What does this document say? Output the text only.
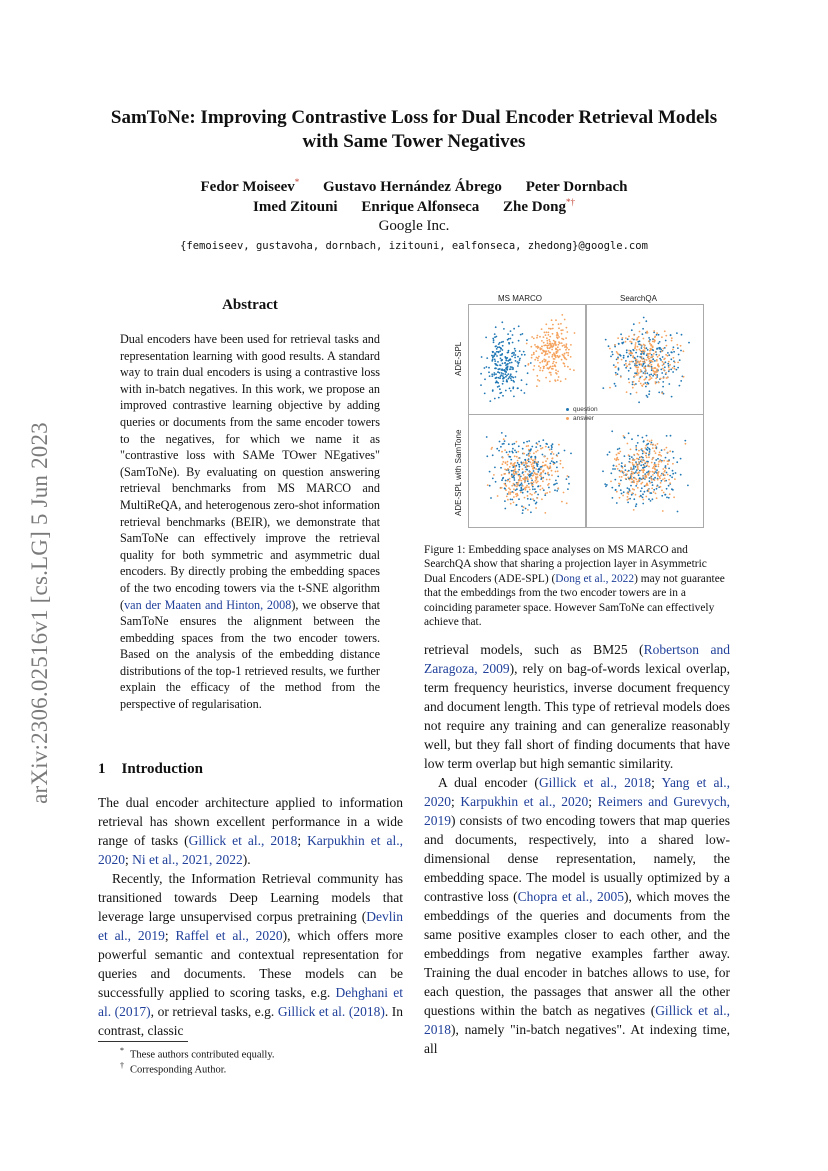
arXiv:2306.02516v1 [cs.LG] 5 Jun 2023
SamToNe: Improving Contrastive Loss for Dual Encoder Retrieval Models
with Same Tower Negatives
Fedor Moiseev* Gustavo Hernández Ábrego Peter Dornbach
Imed Zitouni Enrique Alfonseca Zhe Dong*†
Google Inc.
{femoiseev, gustavoha, dornbach, izitouni, ealfonseca, zhedong}@google.com
Abstract

Dual encoders have been used for retrieval tasks and representation learning with good results. A standard way to train dual encoders is using a contrastive loss with in-batch negatives. In this work, we propose an improved contrastive learning objective by adding queries or documents from the same encoder towers to the negatives, for which we name it as "contrastive loss with SAMe TOwer NEgatives" (SamToNe). By evaluating on question answering retrieval benchmarks from MS MARCO and MultiReQA, and heterogenous zero-shot information retrieval benchmarks (BEIR), we demonstrate that SamToNe can effectively improve the retrieval quality for both symmetric and asymmetric dual encoders. By directly probing the embedding spaces of the two encoding towers via the t-SNE algorithm (van der Maaten and Hinton, 2008), we observe that SamToNe ensures the alignment between the embedding spaces from the two encoder towers. Based on the analysis of the embedding distance distributions of the top-1 retrieved results, we further explain the efficacy of the method from the perspective of regularisation.

1 Introduction

The dual encoder architecture applied to information retrieval has shown excellent performance in a wide range of tasks (Gillick et al., 2018; Karpukhin et al., 2020; Ni et al., 2021, 2022).

Recently, the Information Retrieval community has transitioned towards Deep Learning models that leverage large unsupervised corpus pretraining (Devlin et al., 2019; Raffel et al., 2020), which offers more powerful semantic and contextual representation for queries and documents. These models can be successfully applied to scoring tasks, e.g. Dehghani et al. (2017), or retrieval tasks, e.g. Gillick et al. (2018). In contrast, classic

* These authors contributed equally.
† Corresponding Author.
MS MARCO	SearchQA
ADE-SPL
ADE-SPL with SamTone
question
answer
Figure 1: Embedding space analyses on MS MARCO and SearchQA show that sharing a projection layer in Asymmetric Dual Encoders (ADE-SPL) (Dong et al., 2022) may not guarantee that the embeddings from the two encoder towers are in a coinciding parameter space. However SamToNe can effectively achieve that.

retrieval models, such as BM25 (Robertson and Zaragoza, 2009), rely on bag-of-words lexical overlap, term frequency heuristics, inverse document frequency and document length. This type of retrieval models does not require any training and can generalize reasonably well, but they fall short of finding documents that have low term overlap but high semantic similarity.

A dual encoder (Gillick et al., 2018; Yang et al., 2020; Karpukhin et al., 2020; Reimers and Gurevych, 2019) consists of two encoding towers that map queries and documents, respectively, into a shared low-dimensional dense representation, namely, the embedding space. The model is usually optimized by a contrastive loss (Chopra et al., 2005), which moves the embeddings of the queries and documents from the same positive examples closer to each other, and the embeddings from negative examples farther away. Training the dual encoder in batches allows to use, for each question, the passages that answer all the other questions within the batch as negatives (Gillick et al., 2018), namely "in-batch negatives". At indexing time, all
